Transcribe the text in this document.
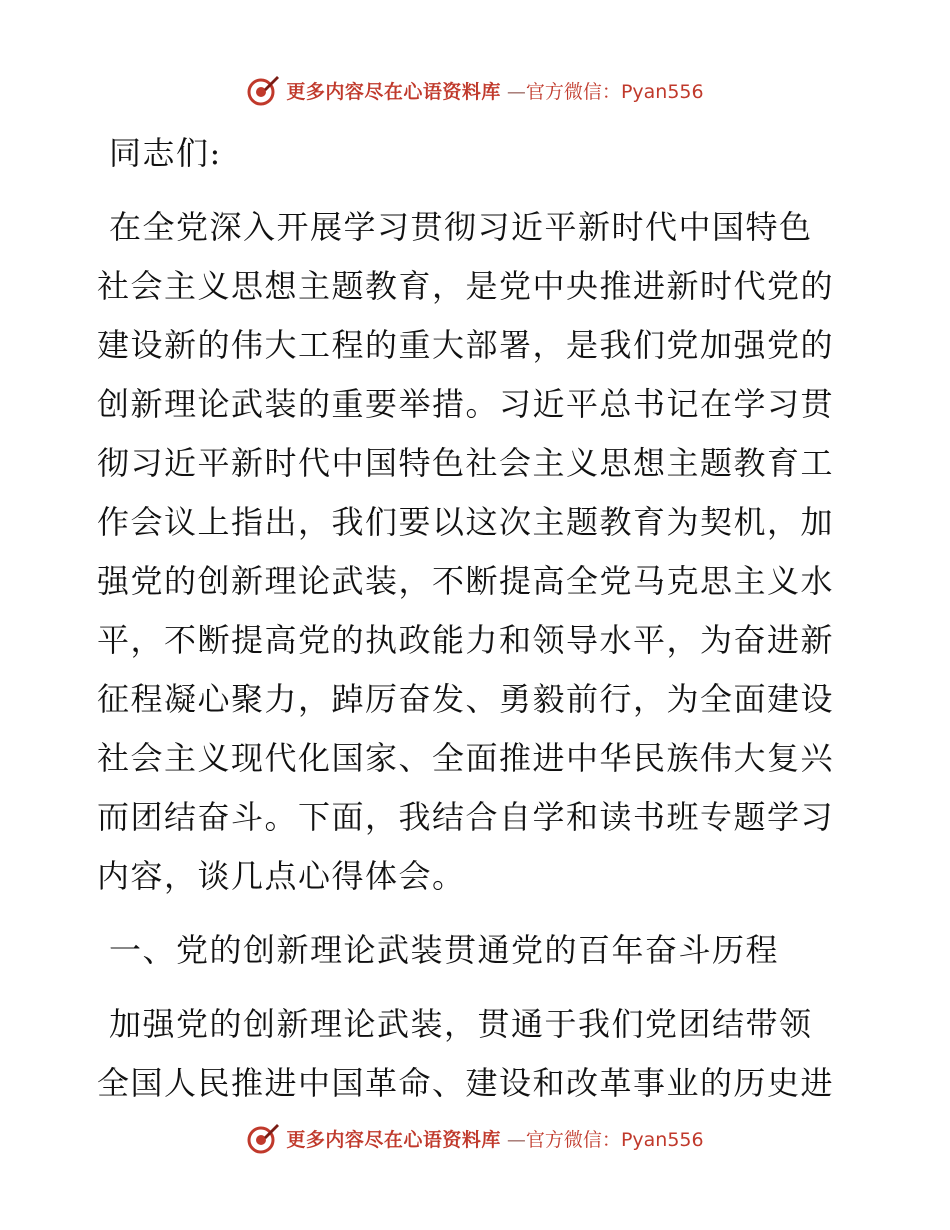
更多内容尽在心语资料库 —官方微信：Pyan556
同志们:
在全党深入开展学习贯彻习近平新时代中国特色
社会主义思想主题教育，是党中央推进新时代党的
建设新的伟大工程的重大部署，是我们党加强党的
创新理论武装的重要举措。习近平总书记在学习贯
彻习近平新时代中国特色社会主义思想主题教育工
作会议上指出，我们要以这次主题教育为契机，加
强党的创新理论武装，不断提高全党马克思主义水
平，不断提高党的执政能力和领导水平，为奋进新
征程凝心聚力，踔厉奋发、勇毅前行，为全面建设
社会主义现代化国家、全面推进中华民族伟大复兴
而团结奋斗。下面，我结合自学和读书班专题学习
内容，谈几点心得体会。
一、党的创新理论武装贯通党的百年奋斗历程
加强党的创新理论武装，贯通于我们党团结带领
全国人民推进中国革命、建设和改革事业的历史进
更多内容尽在心语资料库 —官方微信：Pyan556
